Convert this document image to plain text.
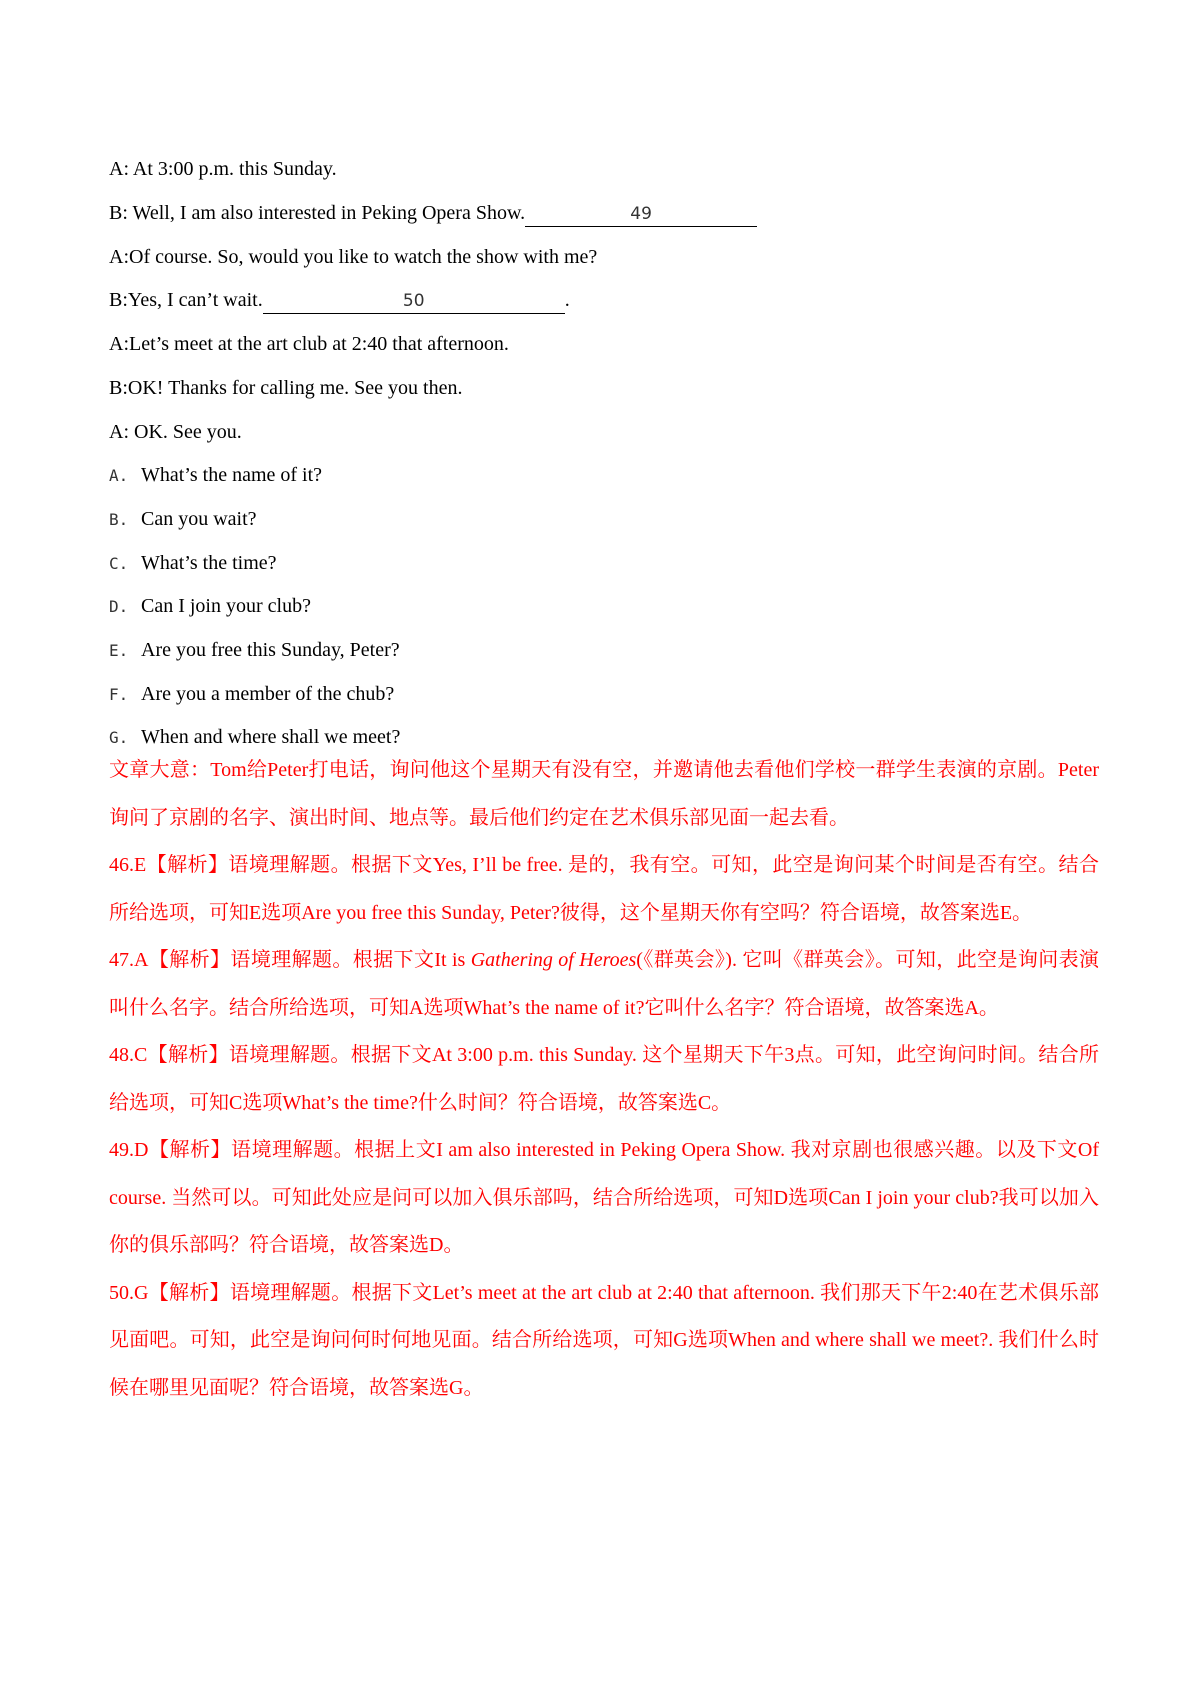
A: At 3:00 p.m. this Sunday.
B: Well, I am also interested in Peking Opera Show.	49
A:Of course. So, would you like to watch the show with me?
B:Yes, I can’t wait.	50	.
A:Let’s meet at the art club at 2:40 that afternoon.
B:OK! Thanks for calling me. See you then.
A: OK. See you.
A. What’s the name of it?
B. Can you wait?
C. What’s the time?
D. Can I join your club?
E. Are you free this Sunday, Peter?
F. Are you a member of the chub?
G. When and where shall we meet?

文章大意：Tom给Peter打电话，询问他这个星期天有没有空，并邀请他去看他们学校一群学生表演的京剧。Peter询问了京剧的名字、演出时间、地点等。最后他们约定在艺术俱乐部见面一起去看。

46.E【解析】语境理解题。根据下文Yes, I’ll be free. 是的，我有空。可知，此空是询问某个时间是否有空。结合所给选项，可知E选项Are you free this Sunday, Peter?彼得，这个星期天你有空吗？符合语境，故答案选E。

47.A【解析】语境理解题。根据下文It is Gathering of Heroes(《群英会》). 它叫《群英会》。可知，此空是询问表演叫什么名字。结合所给选项，可知A选项What’s the name of it?它叫什么名字？符合语境，故答案选A。

48.C【解析】语境理解题。根据下文At 3:00 p.m. this Sunday. 这个星期天下午3点。可知，此空询问时间。结合所给选项，可知C选项What’s the time?什么时间？符合语境，故答案选C。

49.D【解析】语境理解题。根据上文I am also interested in Peking Opera Show. 我对京剧也很感兴趣。以及下文Of course. 当然可以。可知此处应是问可以加入俱乐部吗，结合所给选项，可知D选项Can I join your club?我可以加入你的俱乐部吗？符合语境，故答案选D。

50.G【解析】语境理解题。根据下文Let’s meet at the art club at 2:40 that afternoon. 我们那天下午2:40在艺术俱乐部见面吧。可知，此空是询问何时何地见面。结合所给选项，可知G选项When and where shall we meet?. 我们什么时候在哪里见面呢？符合语境，故答案选G。
